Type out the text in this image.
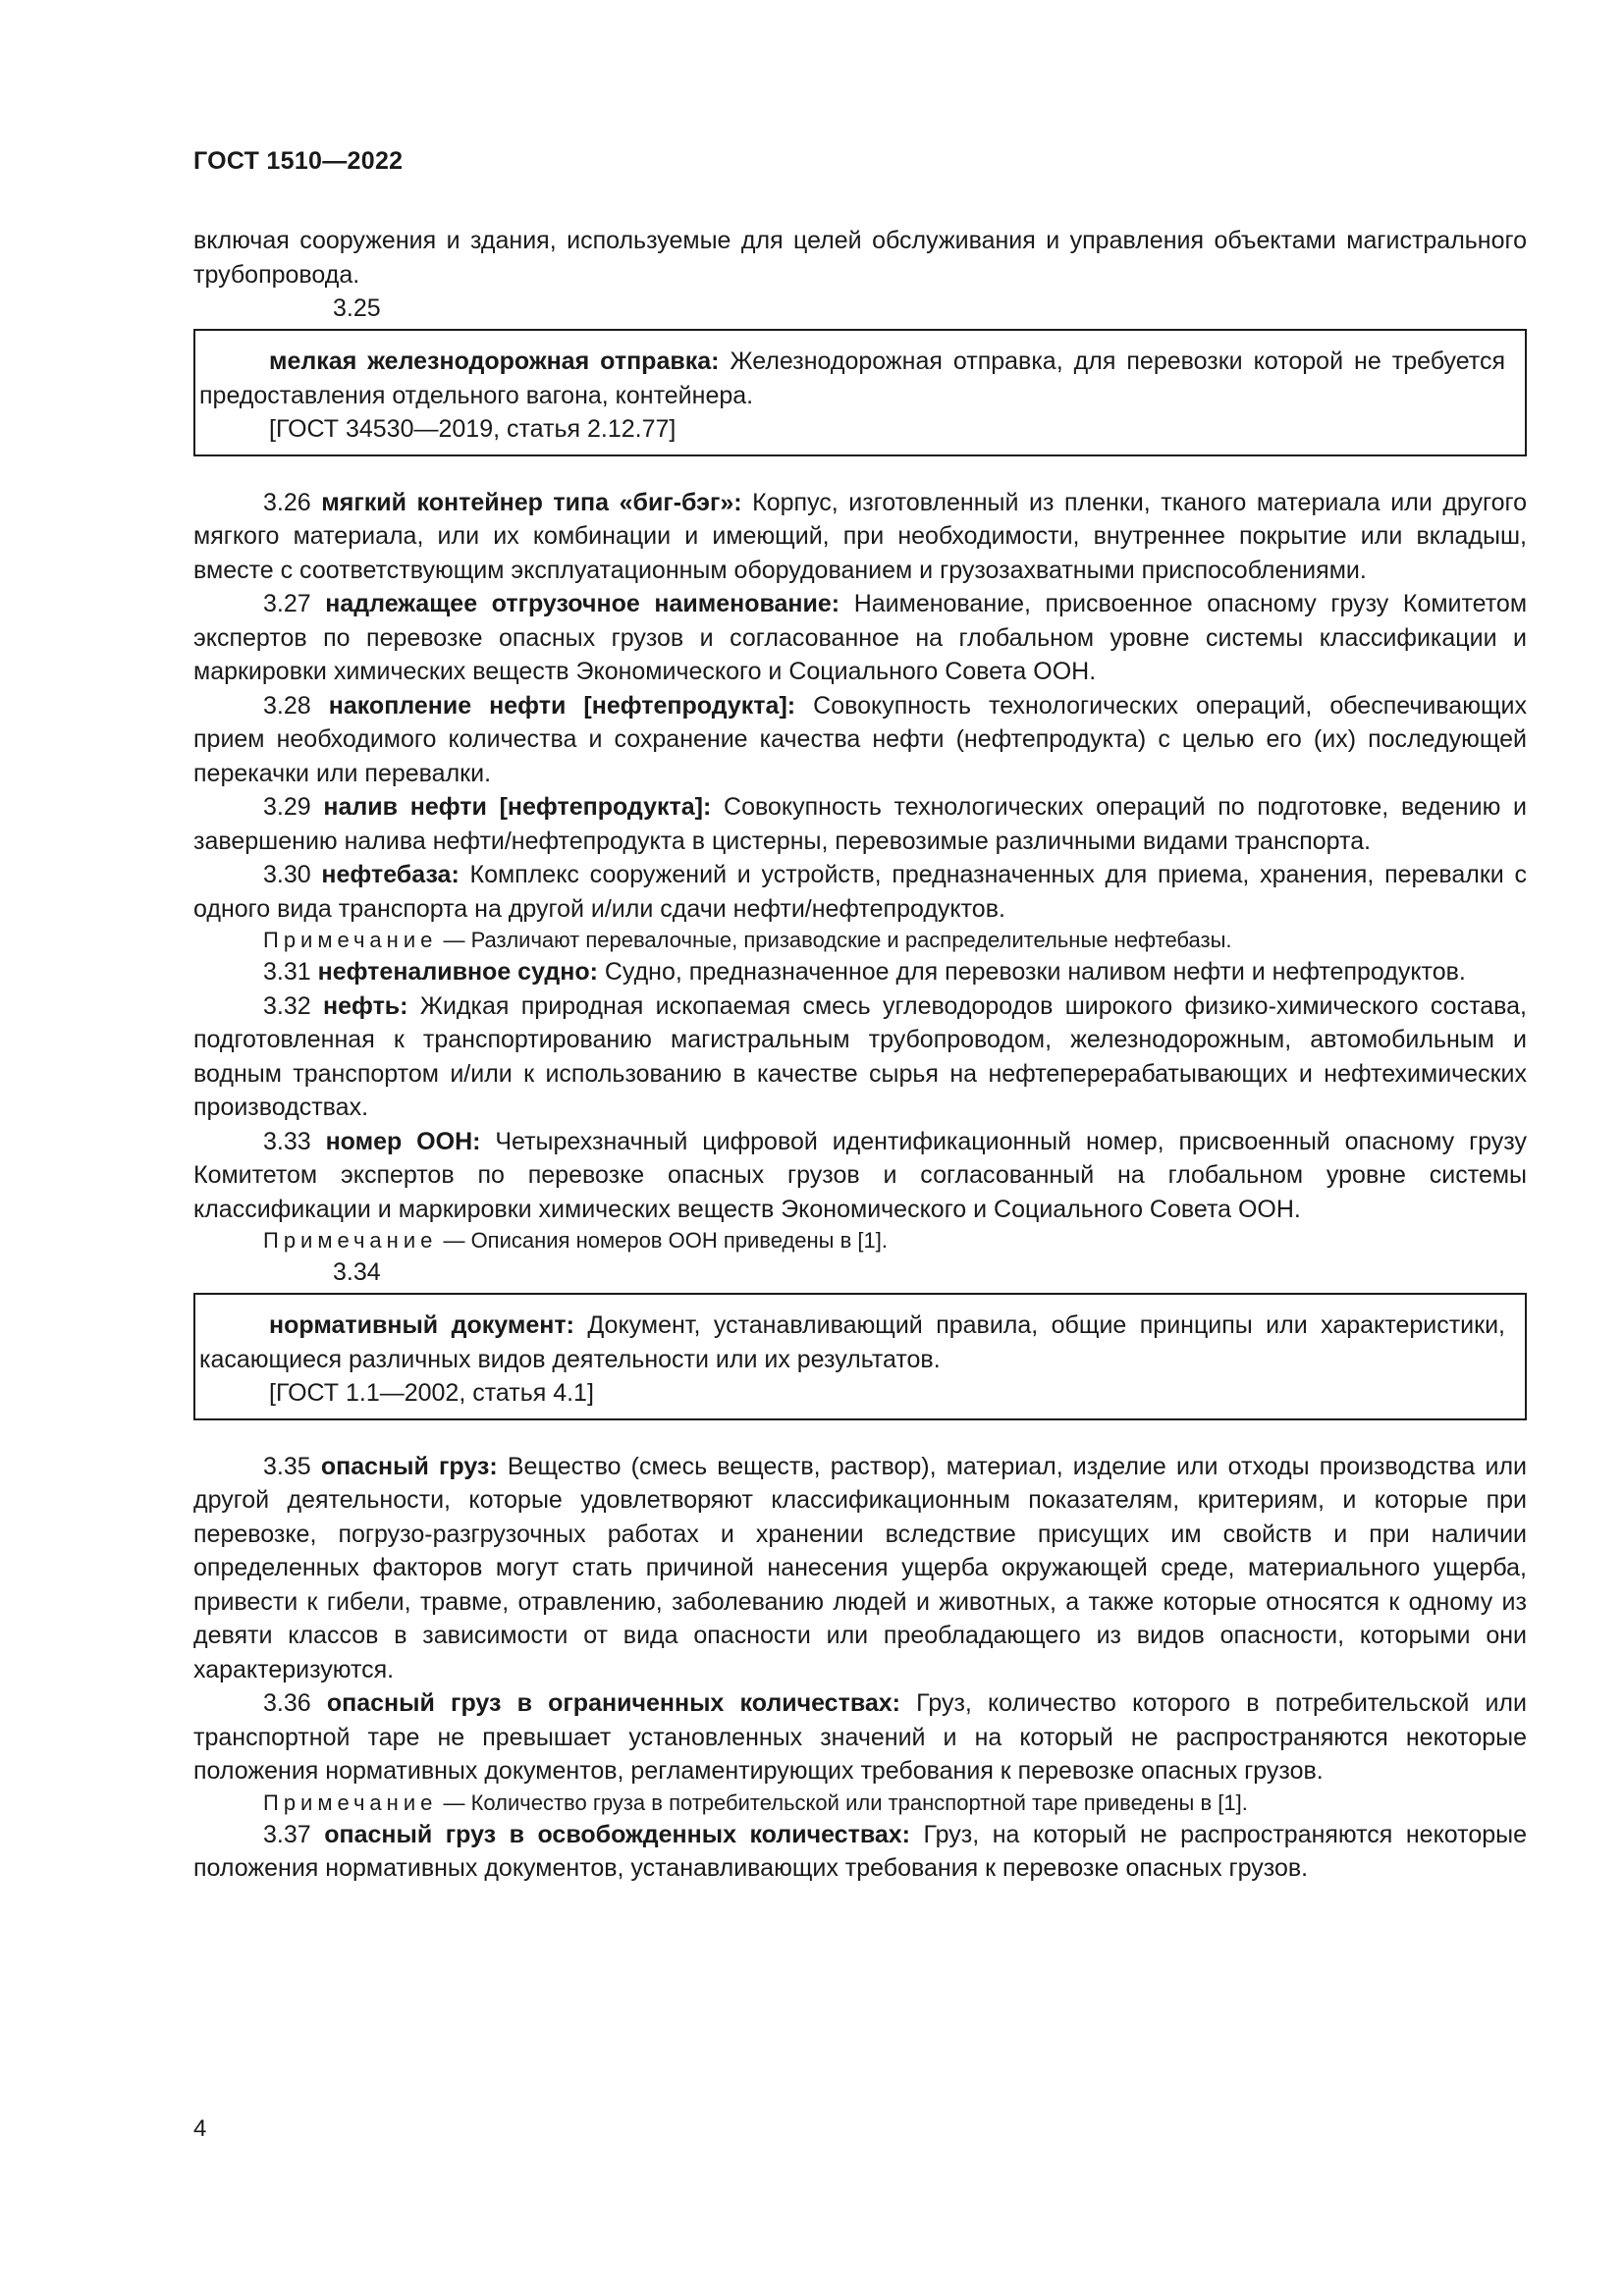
ГОСТ 1510—2022

включая сооружения и здания, используемые для целей обслуживания и управления объектами магистрального трубопровода.

3.25

мелкая железнодорожная отправка: Железнодорожная отправка, для перевозки которой не требуется предоставления отдельного вагона, контейнера.

[ГОСТ 34530—2019, статья 2.12.77]

3.26 мягкий контейнер типа «биг-бэг»: Корпус, изготовленный из пленки, тканого материала или другого мягкого материала, или их комбинации и имеющий, при необходимости, внутреннее покрытие или вкладыш, вместе с соответствующим эксплуатационным оборудованием и грузозахватными приспособлениями.

3.27 надлежащее отгрузочное наименование: Наименование, присвоенное опасному грузу Комитетом экспертов по перевозке опасных грузов и согласованное на глобальном уровне системы классификации и маркировки химических веществ Экономического и Социального Совета ООН.

3.28 накопление нефти [нефтепродукта]: Совокупность технологических операций, обеспечивающих прием необходимого количества и сохранение качества нефти (нефтепродукта) с целью его (их) последующей перекачки или перевалки.

3.29 налив нефти [нефтепродукта]: Совокупность технологических операций по подготовке, ведению и завершению налива нефти/нефтепродукта в цистерны, перевозимые различными видами транспорта.

3.30 нефтебаза: Комплекс сооружений и устройств, предназначенных для приема, хранения, перевалки с одного вида транспорта на другой и/или сдачи нефти/нефтепродуктов.

Примечание — Различают перевалочные, призаводские и распределительные нефтебазы.

3.31 нефтеналивное судно: Судно, предназначенное для перевозки наливом нефти и нефтепродуктов.

3.32 нефть: Жидкая природная ископаемая смесь углеводородов широкого физико-химического состава, подготовленная к транспортированию магистральным трубопроводом, железнодорожным, автомобильным и водным транспортом и/или к использованию в качестве сырья на нефтеперерабатывающих и нефтехимических производствах.

3.33 номер ООН: Четырехзначный цифровой идентификационный номер, присвоенный опасному грузу Комитетом экспертов по перевозке опасных грузов и согласованный на глобальном уровне системы классификации и маркировки химических веществ Экономического и Социального Совета ООН.

Примечание — Описания номеров ООН приведены в [1].

3.34

нормативный документ: Документ, устанавливающий правила, общие принципы или характеристики, касающиеся различных видов деятельности или их результатов.

[ГОСТ 1.1—2002, статья 4.1]

3.35 опасный груз: Вещество (смесь веществ, раствор), материал, изделие или отходы производства или другой деятельности, которые удовлетворяют классификационным показателям, критериям, и которые при перевозке, погрузо-разгрузочных работах и хранении вследствие присущих им свойств и при наличии определенных факторов могут стать причиной нанесения ущерба окружающей среде, материального ущерба, привести к гибели, травме, отравлению, заболеванию людей и животных, а также которые относятся к одному из девяти классов в зависимости от вида опасности или преобладающего из видов опасности, которыми они характеризуются.

3.36 опасный груз в ограниченных количествах: Груз, количество которого в потребительской или транспортной таре не превышает установленных значений и на который не распространяются некоторые положения нормативных документов, регламентирующих требования к перевозке опасных грузов.

Примечание — Количество груза в потребительской или транспортной таре приведены в [1].

3.37 опасный груз в освобожденных количествах: Груз, на который не распространяются некоторые положения нормативных документов, устанавливающих требования к перевозке опасных грузов.

4
